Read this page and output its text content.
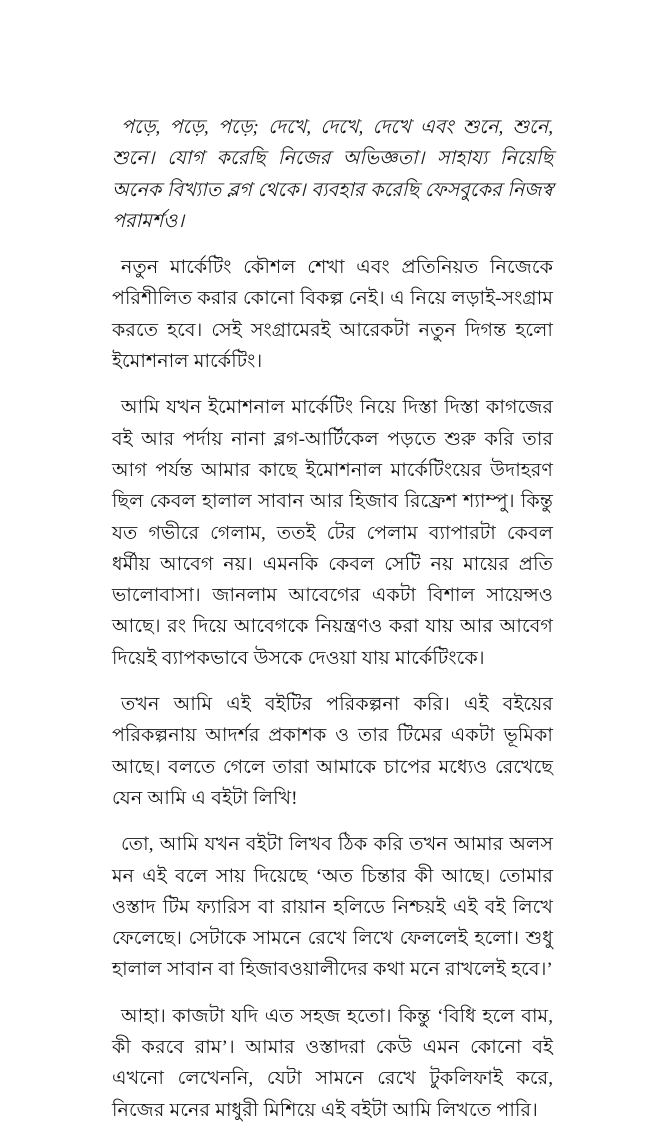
পড়ে, পড়ে, পড়ে; দেখে, দেখে, দেখে এবং শুনে, শুনে, শুনে। যোগ করেছি নিজের অভিজ্ঞতা। সাহায্য নিয়েছি অনেক বিখ্যাত ব্লগ থেকে। ব্যবহার করেছি ফেসবুকের নিজস্ব পরামর্শও।

নতুন মার্কেটিং কৌশল শেখা এবং প্রতিনিয়ত নিজেকে পরিশীলিত করার কোনো বিকল্প নেই। এ নিয়ে লড়াই-সংগ্রাম করতে হবে। সেই সংগ্রামেরই আরেকটা নতুন দিগন্ত হলো ইমোশনাল মার্কেটিং।

আমি যখন ইমোশনাল মার্কেটিং নিয়ে দিস্তা দিস্তা কাগজের বই আর পর্দায় নানা ব্লগ-আর্টিকেল পড়তে শুরু করি তার আগ পর্যন্ত আমার কাছে ইমোশনাল মার্কেটিংয়ের উদাহরণ ছিল কেবল হালাল সাবান আর হিজাব রিফ্রেশ শ্যাম্পু। কিন্তু যত গভীরে গেলাম, ততই টের পেলাম ব্যাপারটা কেবল ধর্মীয় আবেগ নয়। এমনকি কেবল সেটি নয় মায়ের প্রতি ভালোবাসা। জানলাম আবেগের একটা বিশাল সায়েন্সও আছে। রং দিয়ে আবেগকে নিয়ন্ত্রণও করা যায় আর আবেগ দিয়েই ব্যাপকভাবে উসকে দেওয়া যায় মার্কেটিংকে।

তখন আমি এই বইটির পরিকল্পনা করি। এই বইয়ের পরিকল্পনায় আদর্শর প্রকাশক ও তার টিমের একটা ভূমিকা আছে। বলতে গেলে তারা আমাকে চাপের মধ্যেও রেখেছে যেন আমি এ বইটা লিখি!

তো, আমি যখন বইটা লিখব ঠিক করি তখন আমার অলস মন এই বলে সায় দিয়েছে ‘অত চিন্তার কী আছে। তোমার ওস্তাদ টিম ফ্যারিস বা রায়ান হলিডে নিশ্চয়ই এই বই লিখে ফেলেছে। সেটাকে সামনে রেখে লিখে ফেললেই হলো। শুধু হালাল সাবান বা হিজাবওয়ালীদের কথা মনে রাখলেই হবে।’

আহা। কাজটা যদি এত সহজ হতো। কিন্তু ‘বিধি হলে বাম, কী করবে রাম’। আমার ওস্তাদরা কেউ এমন কোনো বই এখনো লেখেননি, যেটা সামনে রেখে টুকলিফাই করে, নিজের মনের মাধুরী মিশিয়ে এই বইটা আমি লিখতে পারি।
